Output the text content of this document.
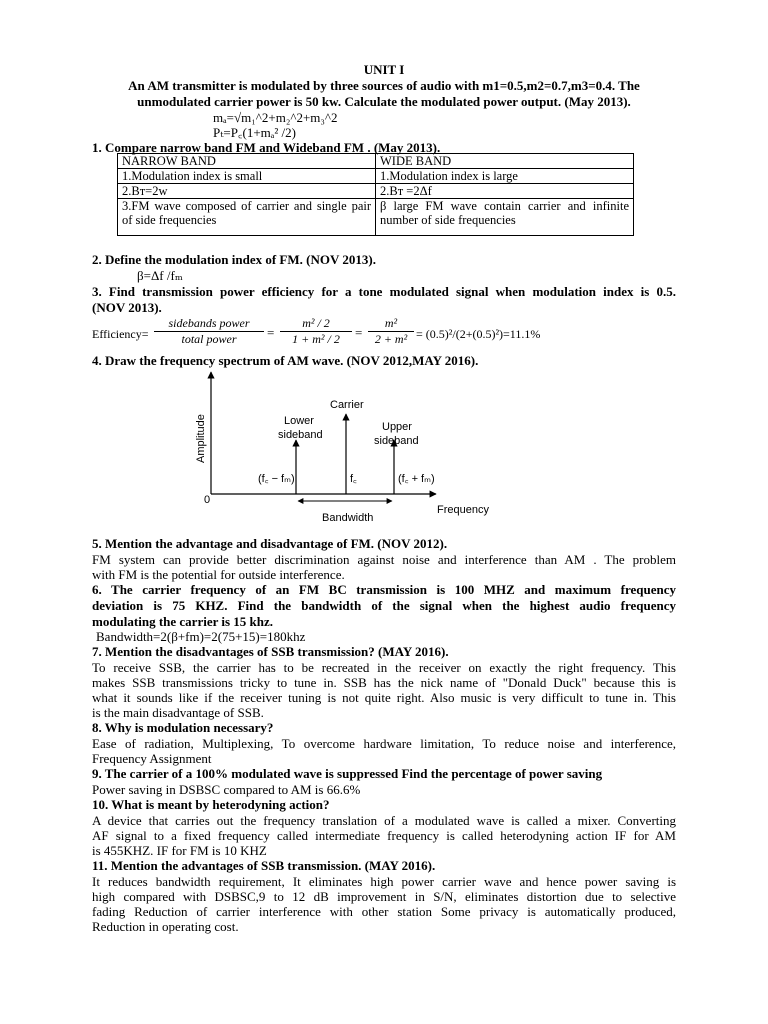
UNIT I
An AM transmitter is modulated by three sources of audio with m1=0.5,m2=0.7,m3=0.4. The
unmodulated carrier power is 50 kw. Calculate the modulated power output. (May 2013).
mₐ=√m₁^2+m₂^2+m₃^2
Pₜ=P꜀(1+mₐ² /2)
1. Compare narrow band FM and Wideband FM . (May 2013).
NARROW BAND	WIDE BAND
1.Modulation index is small	1.Modulation index is large
2.Bᴛ=2w	2.Bᴛ =2Δf
3.FM wave composed of carrier and single pair of side frequencies	β large FM wave contain carrier and infinite number of side frequencies
2. Define the modulation index of FM. (NOV 2013).
β=Δf /fₘ
3. Find transmission power efficiency for a tone modulated signal when modulation index is 0.5.
(NOV 2013).
Efficiency=
sidebands power
total power	= $\frac{\text{m² / 2}}{\text{1 + m² / 2}} = \frac{\text{m²}}{\text{2 + m²}} = (0.5)^2/(2+(0.5)^2)=11.1\%$
4. Draw the frequency spectrum of AM wave. (NOV 2012,MAY 2016).
Amplitude
0
Frequency
Carrier
Lower
sideband
Upper
sideband
(f꜀ − fₘ)	f꜀	(f꜀ + fₘ)
Bandwidth
5. Mention the advantage and disadvantage of FM. (NOV 2012).
FM system can provide better discrimination against noise and interference than AM . The problem
with FM is the potential for outside interference.
6. The carrier frequency of an FM BC transmission is 100 MHZ and maximum frequency
deviation is 75 KHZ. Find the bandwidth of the signal when the highest audio frequency
modulating the carrier is 15 khz.
Bandwidth=2(β+fm)=2(75+15)=180khz
7. Mention the disadvantages of SSB transmission? (MAY 2016).
To receive SSB, the carrier has to be recreated in the receiver on exactly the right frequency. This
makes SSB transmissions tricky to tune in. SSB has the nick name of "Donald Duck" because this is
what it sounds like if the receiver tuning is not quite right. Also music is very difficult to tune in. This
is the main disadvantage of SSB.
8. Why is modulation necessary?
Ease of radiation, Multiplexing, To overcome hardware limitation, To reduce noise and interference,
Frequency Assignment
9. The carrier of a 100% modulated wave is suppressed Find the percentage of power saving
Power saving in DSBSC compared to AM is 66.6%
10. What is meant by heterodyning action?
A device that carries out the frequency translation of a modulated wave is called a mixer. Converting
AF signal to a fixed frequency called intermediate frequency is called heterodyning action IF for AM
is 455KHZ. IF for FM is 10 KHZ
11. Mention the advantages of SSB transmission. (MAY 2016).
It reduces bandwidth requirement, It eliminates high power carrier wave and hence power saving is
high compared with DSBSC,9 to 12 dB improvement in S/N, eliminates distortion due to selective
fading Reduction of carrier interference with other station Some privacy is automatically produced,
Reduction in operating cost.
